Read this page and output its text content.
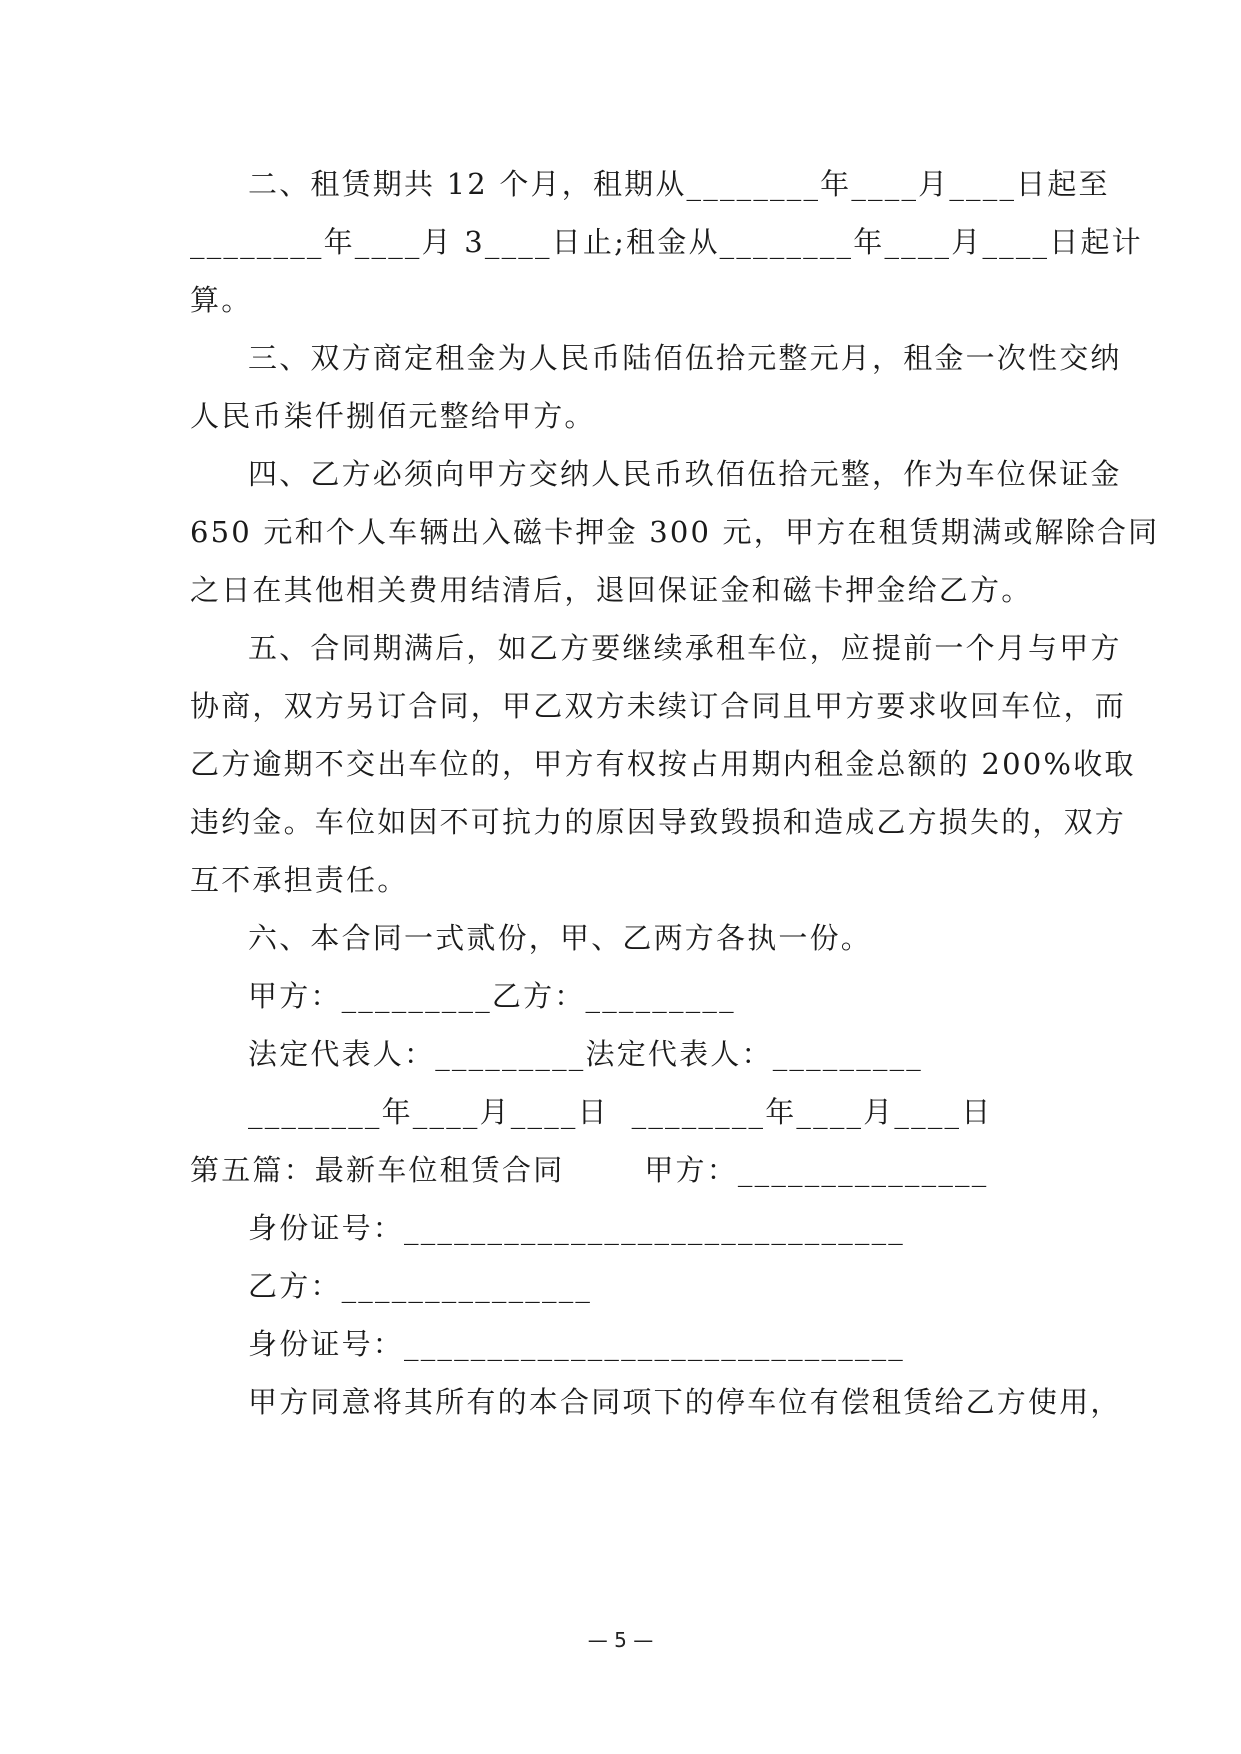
二、租赁期共 12 个月，租期从________年____月____日起至
________年____月 3____日止;租金从________年____月____日起计
算。
三、双方商定租金为人民币陆佰伍拾元整元月，租金一次性交纳
人民币柒仟捌佰元整给甲方。
四、乙方必须向甲方交纳人民币玖佰伍拾元整，作为车位保证金
650 元和个人车辆出入磁卡押金 300 元，甲方在租赁期满或解除合同
之日在其他相关费用结清后，退回保证金和磁卡押金给乙方。
五、合同期满后，如乙方要继续承租车位，应提前一个月与甲方
协商，双方另订合同，甲乙双方未续订合同且甲方要求收回车位，而
乙方逾期不交出车位的，甲方有权按占用期内租金总额的 200%收取
违约金。车位如因不可抗力的原因导致毁损和造成乙方损失的，双方
互不承担责任。
六、本合同一式贰份，甲、乙两方各执一份。
甲方：_________乙方：_________
法定代表人：_________法定代表人：_________
________年____月____日  ________年____月____日
第五篇：最新车位租赁合同       甲方：_______________
身份证号：______________________________
乙方：_______________
身份证号：______________________________
甲方同意将其所有的本合同项下的停车位有偿租赁给乙方使用，
— 5 —
